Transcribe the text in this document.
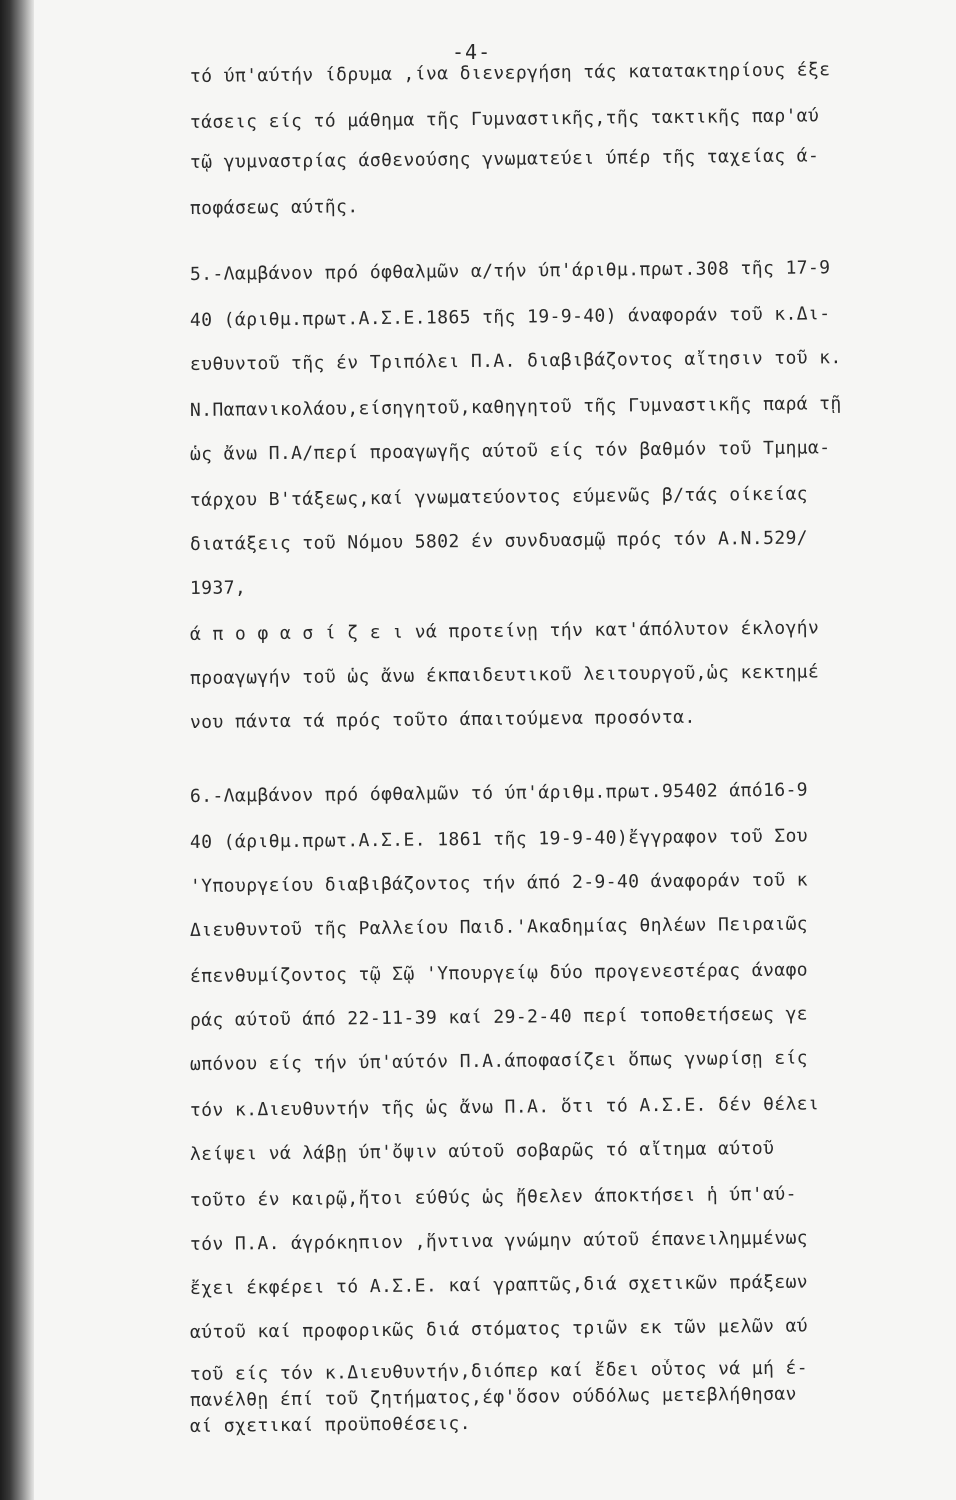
-4-
τό ύπ'αύτήν ίδρυμα ,ίνα διενεργήση τάς κατατακτηρίους έξε
τάσεις είς τό μάθημα τῆς Γυμναστικῆς,τῆς τακτικῆς παρ'αύ
τῷ γυμναστρίας άσθενούσης γνωματεύει ύπέρ τῆς ταχείας ά-
ποφάσεως αύτῆς.
5.-Λαμβάνον πρό όφθαλμῶν α/τήν ύπ'άριθμ.πρωτ.308 τῆς 17-9
40 (άριθμ.πρωτ.Α.Σ.Ε.1865 τῆς 19-9-40) άναφοράν τοῦ κ.Δι-
ευθυντοῦ τῆς έν Τριπόλει Π.Α. διαβιβάζοντος αἴτησιν τοῦ κ.
Ν.Παπανικολάου,είσηγητοῦ,καθηγητοῦ τῆς Γυμναστικῆς παρά τῇ
ὡς ἄνω Π.Α/περί προαγωγῆς αύτοῦ είς τόν βαθμόν τοῦ Τμημα-
τάρχου Β'τάξεως,καί γνωματεύοντος εύμενῶς β/τάς οίκείας
διατάξεις τοῦ Νόμου 5802 έν συνδυασμῷ πρός τόν Α.Ν.529/
1937,
ά π ο φ α σ ί ζ ε ι νά προτείνῃ τήν κατ'άπόλυτον έκλογήν
προαγωγήν τοῦ ὡς ἄνω έκπαιδευτικοῦ λειτουργοῦ,ὡς κεκτημέ
νου πάντα τά πρός τοῦτο άπαιτούμενα προσόντα.
6.-Λαμβάνον πρό όφθαλμῶν τό ύπ'άριθμ.πρωτ.95402 άπό16-9
40 (άριθμ.πρωτ.Α.Σ.Ε. 1861 τῆς 19-9-40)ἔγγραφον τοῦ Σου
'Υπουργείου διαβιβάζοντος τήν άπό 2-9-40 άναφοράν τοῦ κ
Διευθυντοῦ τῆς Ραλλείου Παιδ.'Ακαδημίας θηλέων Πειραιῶς
έπενθυμίζοντος τῷ Σῷ 'Υπουργείῳ δύο προγενεστέρας άναφο
ράς αύτοῦ άπό 22-11-39 καί 29-2-40 περί τοποθετήσεως γε
ωπόνου είς τήν ύπ'αύτόν Π.Α.άποφασίζει ὅπως γνωρίσῃ είς
τόν κ.Διευθυντήν τῆς ὡς ἄνω Π.Α. ὅτι τό Α.Σ.Ε. δέν θέλει
λείψει νά λάβῃ ύπ'ὄψιν αύτοῦ σοβαρῶς τό αἴτημα αύτοῦ
τοῦτο έν καιρῷ,ἤτοι εύθύς ὡς ἤθελεν άποκτήσει ἡ ύπ'αύ-
τόν Π.Α. άγρόκηπιον ,ἥντινα γνώμην αύτοῦ έπανειλημμένως
ἔχει έκφέρει τό Α.Σ.Ε. καί γραπτῶς,διά σχετικῶν πράξεων
αύτοῦ καί προφορικῶς διά στόματος τριῶν εκ τῶν μελῶν αύ
τοῦ είς τόν κ.Διευθυντήν,διόπερ καί ἔδει οὗτος νά μή έ-
πανέλθῃ έπί τοῦ ζητήματος,έφ'ὅσον ούδόλως μετεβλήθησαν
αί σχετικαί προϋποθέσεις.
